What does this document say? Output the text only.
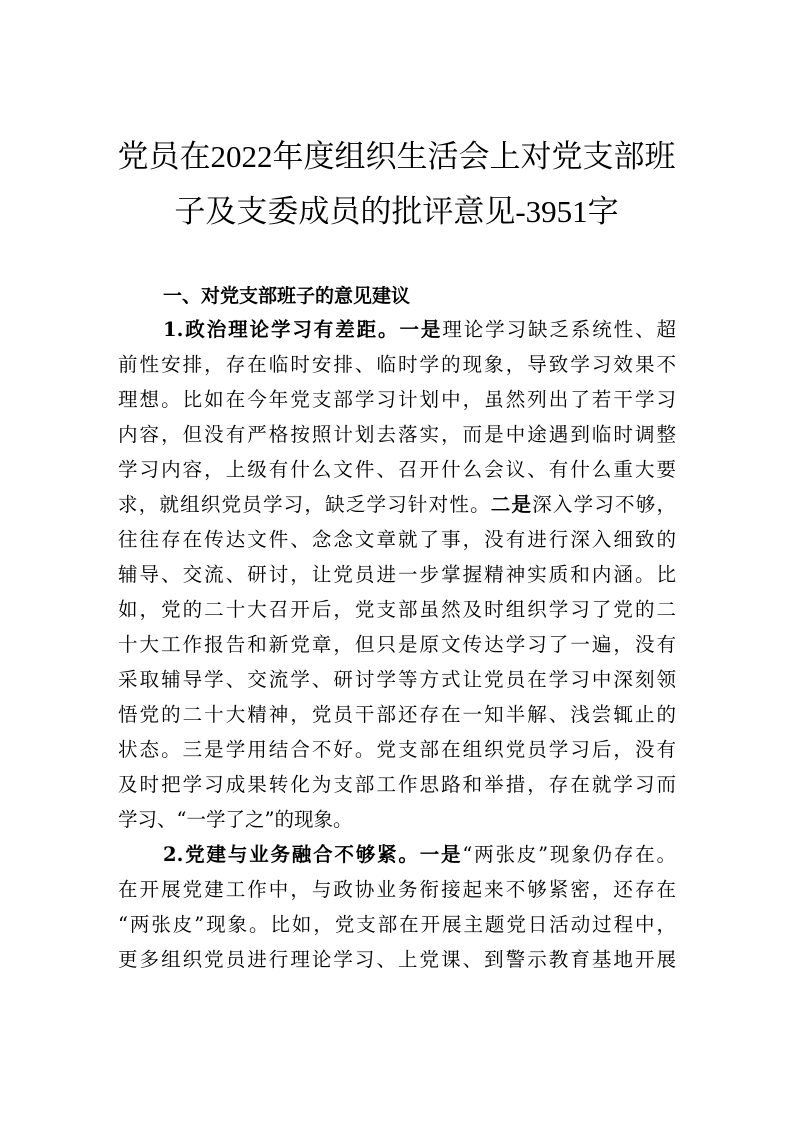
党员在2022年度组织生活会上对党支部班
子及支委成员的批评意见-3951字
一、对党支部班子的意见建议
1.政治理论学习有差距。一是理论学习缺乏系统性、超
前性安排，存在临时安排、临时学的现象，导致学习效果不
理想。比如在今年党支部学习计划中，虽然列出了若干学习
内容，但没有严格按照计划去落实，而是中途遇到临时调整
学习内容，上级有什么文件、召开什么会议、有什么重大要
求，就组织党员学习，缺乏学习针对性。二是深入学习不够，
往往存在传达文件、念念文章就了事，没有进行深入细致的
辅导、交流、研讨，让党员进一步掌握精神实质和内涵。比
如，党的二十大召开后，党支部虽然及时组织学习了党的二
十大工作报告和新党章，但只是原文传达学习了一遍，没有
采取辅导学、交流学、研讨学等方式让党员在学习中深刻领
悟党的二十大精神，党员干部还存在一知半解、浅尝辄止的
状态。三是学用结合不好。党支部在组织党员学习后，没有
及时把学习成果转化为支部工作思路和举措，存在就学习而
学习、“一学了之”的现象。
2.党建与业务融合不够紧。一是“两张皮”现象仍存在。
在开展党建工作中，与政协业务衔接起来不够紧密，还存在
“两张皮”现象。比如，党支部在开展主题党日活动过程中，
更多组织党员进行理论学习、上党课、到警示教育基地开展
